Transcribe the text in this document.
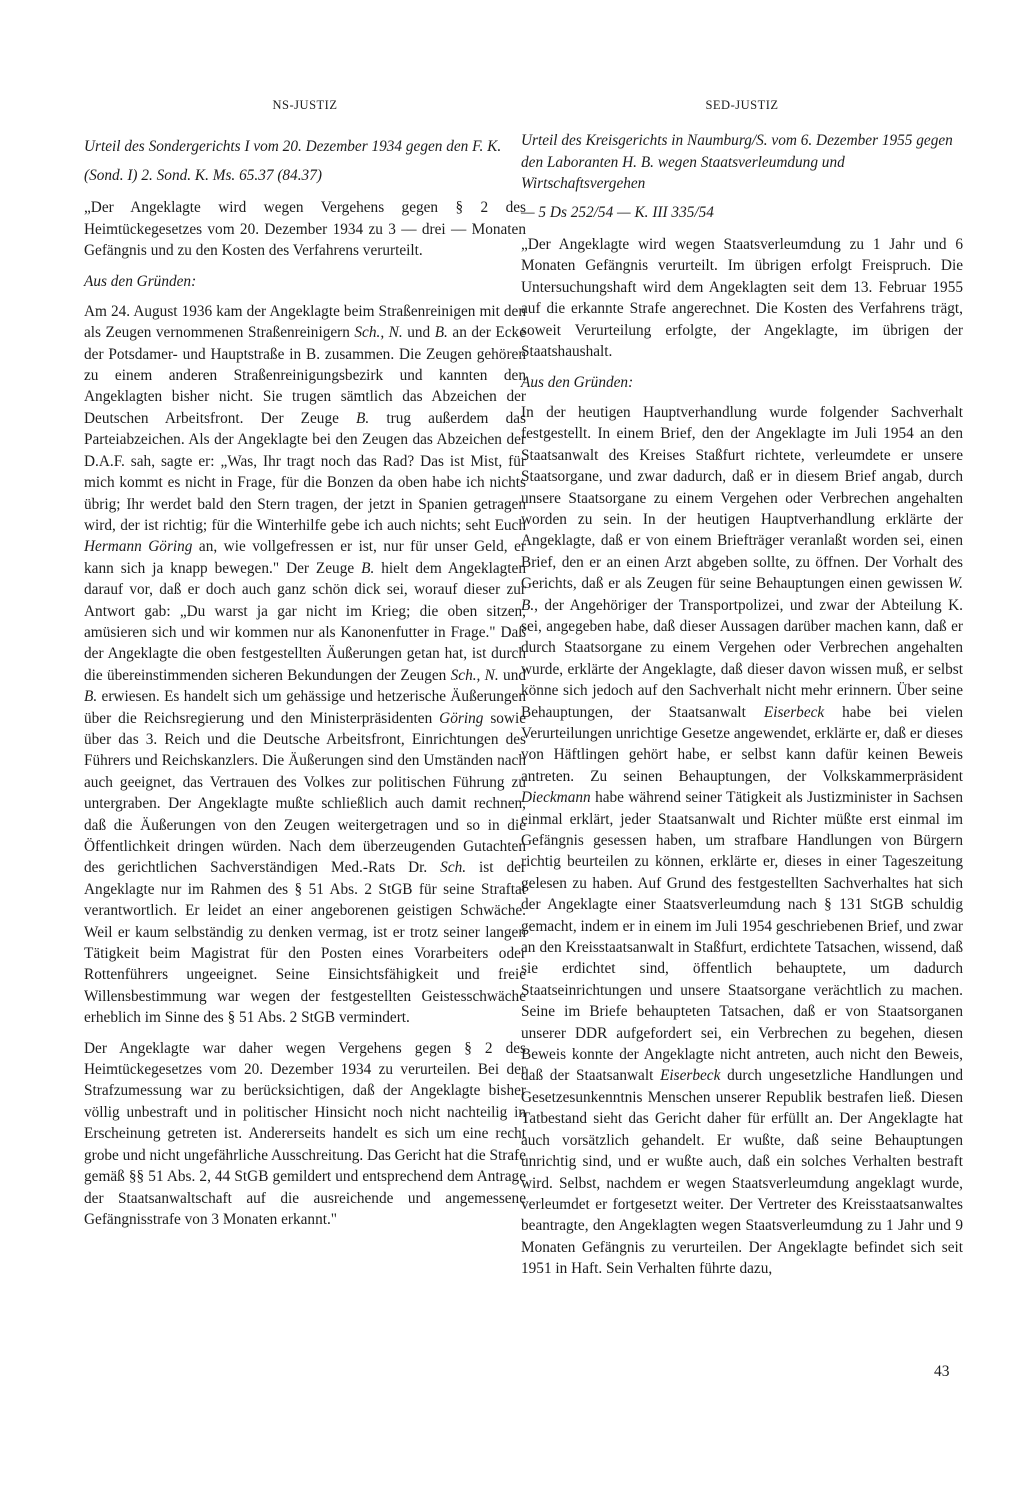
NS-JUSTIZ
Urteil des Sondergerichts I vom 20. Dezember 1934 gegen den F. K.
(Sond. I) 2. Sond. K. Ms. 65.37 (84.37)

„Der Angeklagte wird wegen Vergehens gegen § 2 des Heimtückegesetzes vom 20. Dezember 1934 zu 3 — drei — Monaten Gefängnis und zu den Kosten des Verfahrens verurteilt.

Aus den Gründen:

Am 24. August 1936 kam der Angeklagte beim Straßenreinigen mit den als Zeugen vernommenen Straßenreinigern Sch., N. und B. an der Ecke der Potsdamer- und Hauptstraße in B. zusammen. Die Zeugen gehören zu einem anderen Straßenreinigungsbezirk und kannten den Angeklagten bisher nicht. Sie trugen sämtlich das Abzeichen der Deutschen Arbeitsfront. Der Zeuge B. trug außerdem das Parteiabzeichen. Als der Angeklagte bei den Zeugen das Abzeichen der D.A.F. sah, sagte er: „Was, Ihr tragt noch das Rad? Das ist Mist, für mich kommt es nicht in Frage, für die Bonzen da oben habe ich nichts übrig; Ihr werdet bald den Stern tragen, der jetzt in Spanien getragen wird, der ist richtig; für die Winterhilfe gebe ich auch nichts; seht Euch Hermann Göring an, wie vollgefressen er ist, nur für unser Geld, er kann sich ja knapp bewegen." Der Zeuge B. hielt dem Angeklagten darauf vor, daß er doch auch ganz schön dick sei, worauf dieser zur Antwort gab: „Du warst ja gar nicht im Krieg; die oben sitzen, amüsieren sich und wir kommen nur als Kanonenfutter in Frage." Daß der Angeklagte die oben festgestellten Äußerungen getan hat, ist durch die übereinstimmenden sicheren Bekundungen der Zeugen Sch., N. und B. erwiesen. Es handelt sich um gehässige und hetzerische Äußerungen über die Reichsregierung und den Ministerpräsidenten Göring sowie über das 3. Reich und die Deutsche Arbeitsfront, Einrichtungen des Führers und Reichskanzlers. Die Äußerungen sind den Umständen nach auch geeignet, das Vertrauen des Volkes zur politischen Führung zu untergraben. Der Angeklagte mußte schließlich auch damit rechnen, daß die Äußerungen von den Zeugen weitergetragen und so in die Öffentlichkeit dringen würden. Nach dem überzeugenden Gutachten des gerichtlichen Sachverständigen Med.-Rats Dr. Sch. ist der Angeklagte nur im Rahmen des § 51 Abs. 2 StGB für seine Straftat verantwortlich. Er leidet an einer angeborenen geistigen Schwäche. Weil er kaum selbständig zu denken vermag, ist er trotz seiner langen Tätigkeit beim Magistrat für den Posten eines Vorarbeiters oder Rottenführers ungeeignet. Seine Einsichtsfähigkeit und freie Willensbestimmung war wegen der festgestellten Geistesschwäche erheblich im Sinne des § 51 Abs. 2 StGB vermindert.

Der Angeklagte war daher wegen Vergehens gegen § 2 des Heimtückegesetzes vom 20. Dezember 1934 zu verurteilen. Bei der Strafzumessung war zu berücksichtigen, daß der Angeklagte bisher völlig unbestraft und in politischer Hinsicht noch nicht nachteilig in Erscheinung getreten ist. Andererseits handelt es sich um eine recht grobe und nicht ungefährliche Ausschreitung. Das Gericht hat die Strafe gemäß §§ 51 Abs. 2, 44 StGB gemildert und entsprechend dem Antrage der Staatsanwaltschaft auf die ausreichende und angemessene Gefängnisstrafe von 3 Monaten erkannt."

SED-JUSTIZ
Urteil des Kreisgerichts in Naumburg/S. vom 6. Dezember 1955 gegen den Laboranten H. B. wegen Staatsverleumdung und Wirtschaftsvergehen
— 5 Ds 252/54 — K. III 335/54

„Der Angeklagte wird wegen Staatsverleumdung zu 1 Jahr und 6 Monaten Gefängnis verurteilt. Im übrigen erfolgt Freispruch. Die Untersuchungshaft wird dem Angeklagten seit dem 13. Februar 1955 auf die erkannte Strafe angerechnet. Die Kosten des Verfahrens trägt, soweit Verurteilung erfolgte, der Angeklagte, im übrigen der Staatshaushalt.

Aus den Gründen:

In der heutigen Hauptverhandlung wurde folgender Sachverhalt festgestellt. In einem Brief, den der Angeklagte im Juli 1954 an den Staatsanwalt des Kreises Staßfurt richtete, verleumdete er unsere Staatsorgane, und zwar dadurch, daß er in diesem Brief angab, durch unsere Staatsorgane zu einem Vergehen oder Verbrechen angehalten worden zu sein. In der heutigen Hauptverhandlung erklärte der Angeklagte, daß er von einem Briefträger veranlaßt worden sei, einen Brief, den er an einen Arzt abgeben sollte, zu öffnen. Der Vorhalt des Gerichts, daß er als Zeugen für seine Behauptungen einen gewissen W. B., der Angehöriger der Transportpolizei, und zwar der Abteilung K. sei, angegeben habe, daß dieser Aussagen darüber machen kann, daß er durch Staatsorgane zu einem Vergehen oder Verbrechen angehalten wurde, erklärte der Angeklagte, daß dieser davon wissen muß, er selbst könne sich jedoch auf den Sachverhalt nicht mehr erinnern. Über seine Behauptungen, der Staatsanwalt Eiserbeck habe bei vielen Verurteilungen unrichtige Gesetze angewendet, erklärte er, daß er dieses von Häftlingen gehört habe, er selbst kann dafür keinen Beweis antreten. Zu seinen Behauptungen, der Volkskammerpräsident Dieckmann habe während seiner Tätigkeit als Justizminister in Sachsen einmal erklärt, jeder Staatsanwalt und Richter müßte erst einmal im Gefängnis gesessen haben, um strafbare Handlungen von Bürgern richtig beurteilen zu können, erklärte er, dieses in einer Tageszeitung gelesen zu haben. Auf Grund des festgestellten Sachverhaltes hat sich der Angeklagte einer Staatsverleumdung nach § 131 StGB schuldig gemacht, indem er in einem im Juli 1954 geschriebenen Brief, und zwar an den Kreisstaatsanwalt in Staßfurt, erdichtete Tatsachen, wissend, daß sie erdichtet sind, öffentlich behauptete, um dadurch Staatseinrichtungen und unsere Staatsorgane verächtlich zu machen. Seine im Briefe behaupteten Tatsachen, daß er von Staatsorganen unserer DDR aufgefordert sei, ein Verbrechen zu begehen, diesen Beweis konnte der Angeklagte nicht antreten, auch nicht den Beweis, daß der Staatsanwalt Eiserbeck durch ungesetzliche Handlungen und Gesetzesunkenntnis Menschen unserer Republik bestrafen ließ. Diesen Tatbestand sieht das Gericht daher für erfüllt an. Der Angeklagte hat auch vorsätzlich gehandelt. Er wußte, daß seine Behauptungen unrichtig sind, und er wußte auch, daß ein solches Verhalten bestraft wird. Selbst, nachdem er wegen Staatsverleumdung angeklagt wurde, verleumdet er fortgesetzt weiter. Der Vertreter des Kreisstaatsanwaltes beantragte, den Angeklagten wegen Staatsverleumdung zu 1 Jahr und 9 Monaten Gefängnis zu verurteilen. Der Angeklagte befindet sich seit 1951 in Haft. Sein Verhalten führte dazu,

43
